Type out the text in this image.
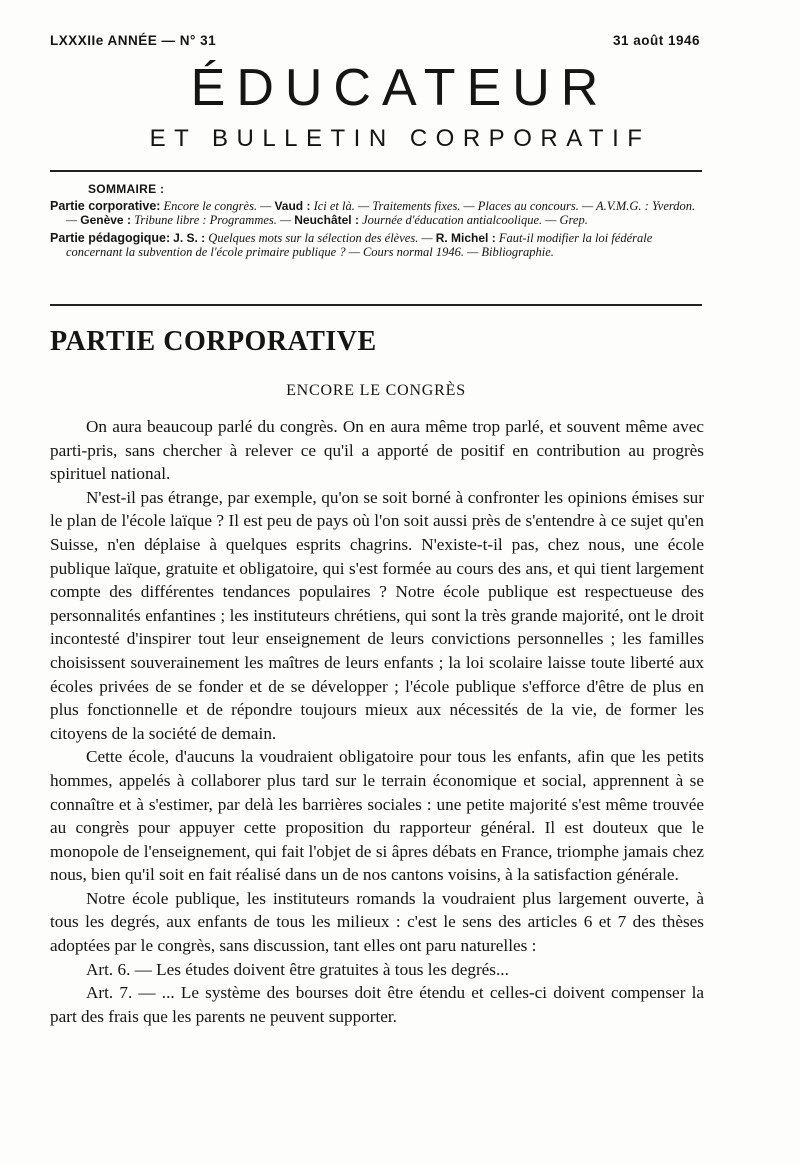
LXXXIIe ANNÉE — N° 31	31 août 1946
ÉDUCATEUR
ET BULLETIN CORPORATIF
SOMMAIRE :

Partie corporative: Encore le congrès. — Vaud : Ici et là. — Traitements fixes. — Places au concours. — A.V.M.G. : Yverdon. — Genève : Tribune libre : Programmes. — Neuchâtel : Journée d'éducation antialcoolique. — Grep.

Partie pédagogique: J. S. : Quelques mots sur la sélection des élèves. — R. Michel : Faut-il modifier la loi fédérale concernant la subvention de l'école primaire publique ? — Cours normal 1946. — Bibliographie.

PARTIE CORPORATIVE
ENCORE LE CONGRÈS

On aura beaucoup parlé du congrès. On en aura même trop parlé, et souvent même avec parti-pris, sans chercher à relever ce qu'il a apporté de positif en contribution au progrès spirituel national.

N'est-il pas étrange, par exemple, qu'on se soit borné à confronter les opinions émises sur le plan de l'école laïque ? Il est peu de pays où l'on soit aussi près de s'entendre à ce sujet qu'en Suisse, n'en déplaise à quelques esprits chagrins. N'existe-t-il pas, chez nous, une école publique laïque, gratuite et obligatoire, qui s'est formée au cours des ans, et qui tient largement compte des différentes tendances populaires ? Notre école publique est respectueuse des personnalités enfantines ; les instituteurs chrétiens, qui sont la très grande majorité, ont le droit incontesté d'inspirer tout leur enseignement de leurs convictions personnelles ; les familles choisissent souverainement les maîtres de leurs enfants ; la loi scolaire laisse toute liberté aux écoles privées de se fonder et de se développer ; l'école publique s'efforce d'être de plus en plus fonctionnelle et de répondre toujours mieux aux nécessités de la vie, de former les citoyens de la société de demain.

Cette école, d'aucuns la voudraient obligatoire pour tous les enfants, afin que les petits hommes, appelés à collaborer plus tard sur le terrain économique et social, apprennent à se connaître et à s'estimer, par delà les barrières sociales : une petite majorité s'est même trouvée au congrès pour appuyer cette proposition du rapporteur général. Il est douteux que le monopole de l'enseignement, qui fait l'objet de si âpres débats en France, triomphe jamais chez nous, bien qu'il soit en fait réalisé dans un de nos cantons voisins, à la satisfaction générale.

Notre école publique, les instituteurs romands la voudraient plus largement ouverte, à tous les degrés, aux enfants de tous les milieux : c'est le sens des articles 6 et 7 des thèses adoptées par le congrès, sans discussion, tant elles ont paru naturelles :

Art. 6. — Les études doivent être gratuites à tous les degrés...

Art. 7. — ... Le système des bourses doit être étendu et celles-ci doivent compenser la part des frais que les parents ne peuvent supporter.
